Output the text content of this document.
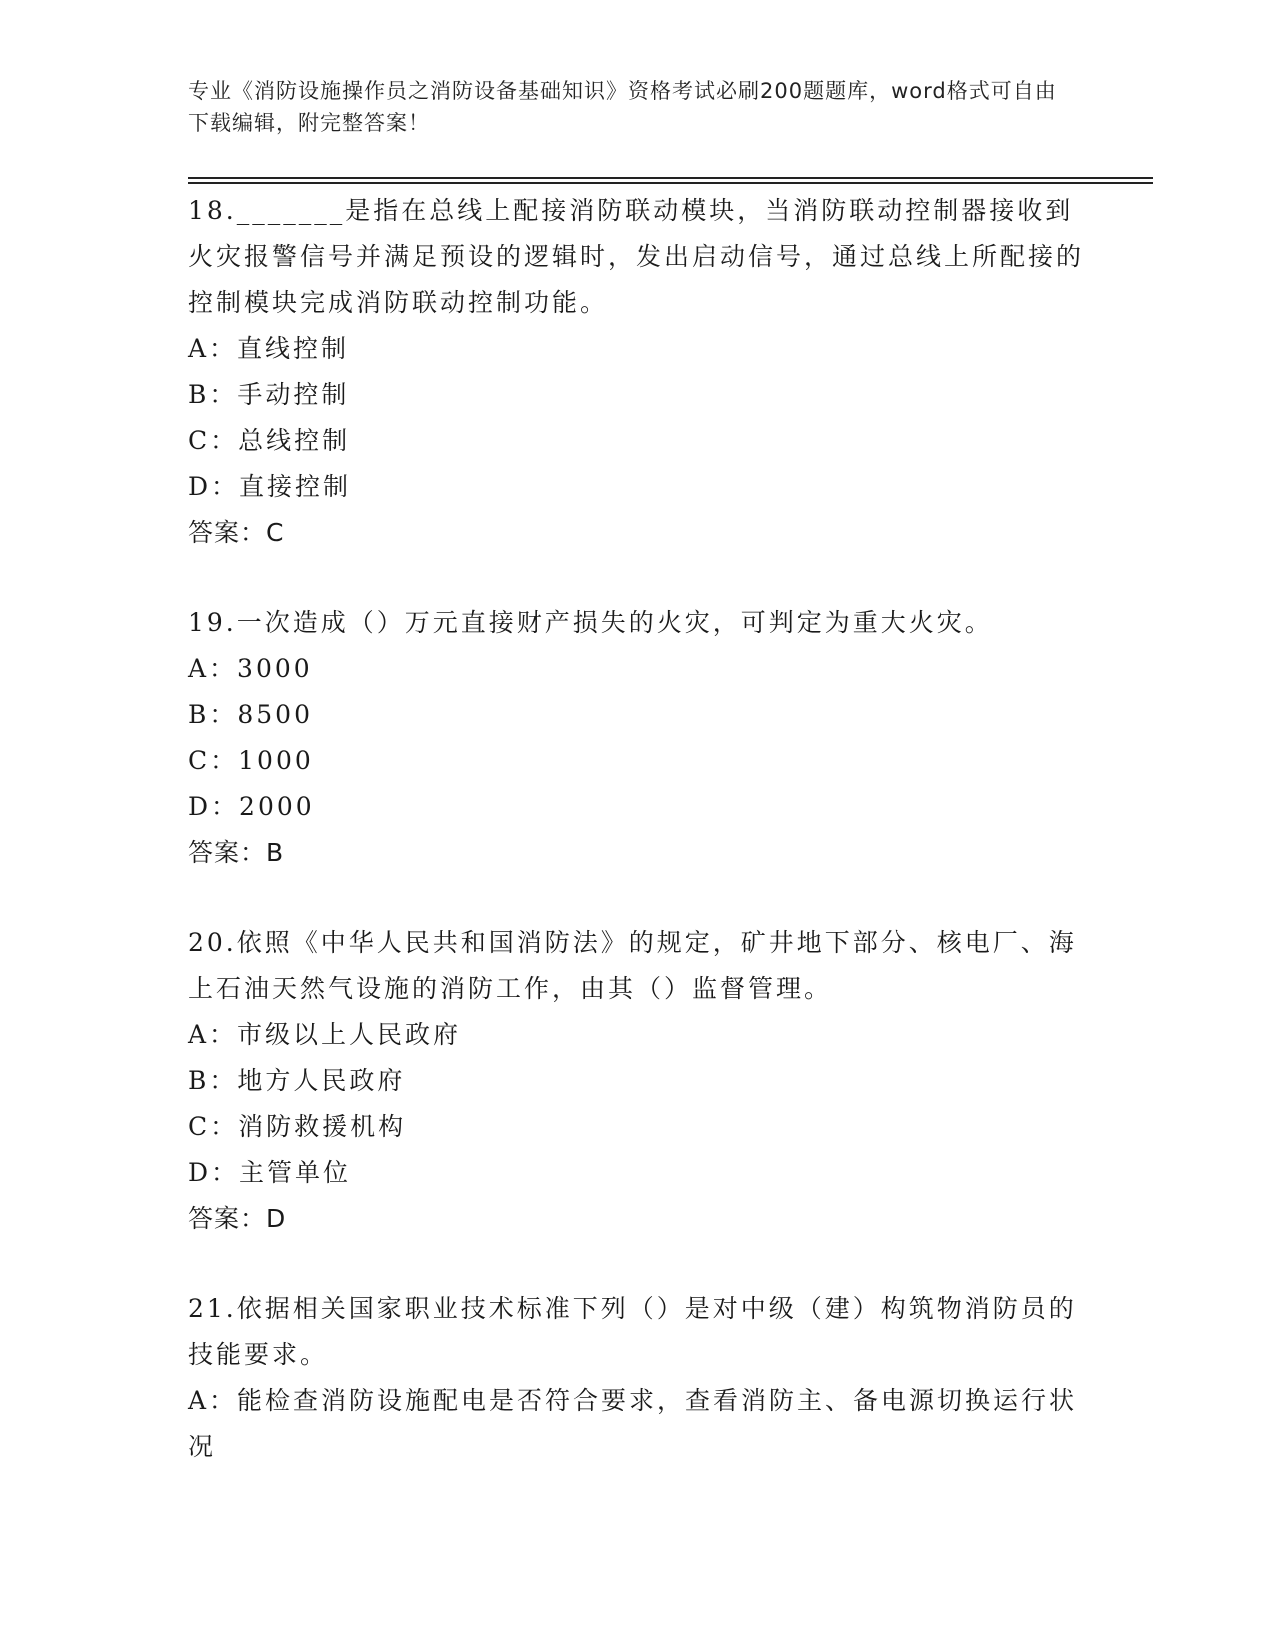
专业《消防设施操作员之消防设备基础知识》资格考试必刷200题题库，word格式可自由下载编辑，附完整答案！

18._______是指在总线上配接消防联动模块，当消防联动控制器接收到火灾报警信号并满足预设的逻辑时，发出启动信号，通过总线上所配接的控制模块完成消防联动控制功能。

A：直线控制

B：手动控制

C：总线控制

D：直接控制

答案：C

19.一次造成（）万元直接财产损失的火灾，可判定为重大火灾。

A：3000

B：8500

C：1000

D：2000

答案：B

20.依照《中华人民共和国消防法》的规定，矿井地下部分、核电厂、海上石油天然气设施的消防工作，由其（）监督管理。

A：市级以上人民政府

B：地方人民政府

C：消防救援机构

D：主管单位

答案：D

21.依据相关国家职业技术标准下列（）是对中级（建）构筑物消防员的技能要求。

A：能检查消防设施配电是否符合要求，查看消防主、备电源切换运行状况
